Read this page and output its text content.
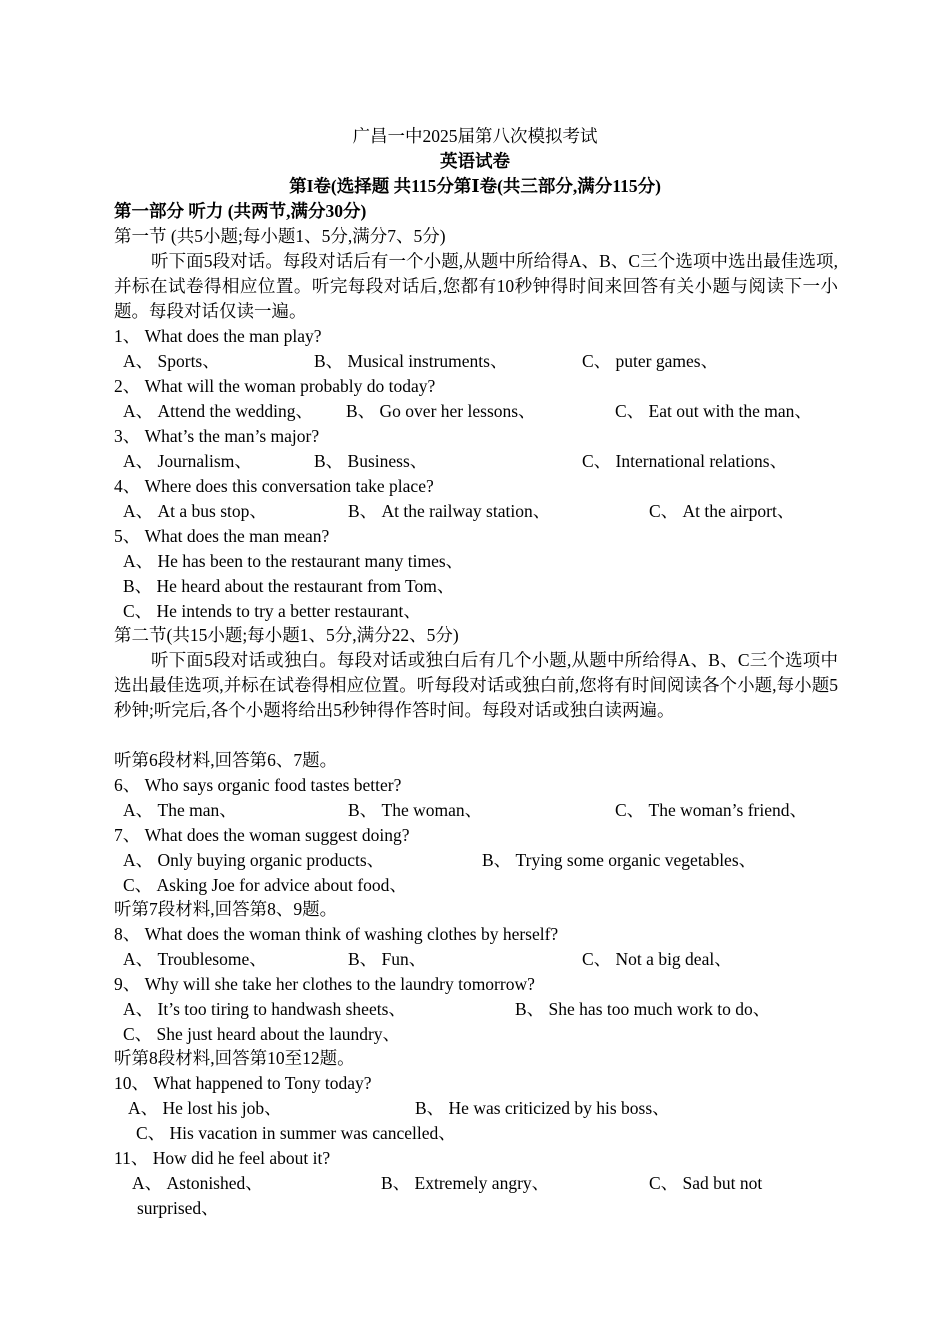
广昌一中2025届第八次模拟考试
英语试卷
第I卷(选择题 共115分第Ⅰ卷(共三部分,满分115分)
第一部分 听力 (共两节,满分30分)
第一节 (共5小题;每小题1、5分,满分7、5分)
听下面5段对话。每段对话后有一个小题,从题中所给得A、B、C三个选项中选出最佳选项,并标在试卷得相应位置。听完每段对话后,您都有10秒钟得时间来回答有关小题与阅读下一小题。每段对话仅读一遍。
1、 What does the man play?
A、 Sports、	B、 Musical instruments、	C、 puter games、
2、 What will the woman probably do today?
A、 Attend the wedding、 B、 Go over her lessons、	C、 Eat out with the man、
3、 What’s the man’s major?
A、 Journalism、	B、 Business、	C、 International relations、
4、 Where does this conversation take place?
A、 At a bus stop、	B、 At the railway station、	C、 At the airport、
5、 What does the man mean?
A、 He has been to the restaurant many times、
B、 He heard about the restaurant from Tom、
C、 He intends to try a better restaurant、
第二节(共15小题;每小题1、5分,满分22、5分)
听下面5段对话或独白。每段对话或独白后有几个小题,从题中所给得A、B、C三个选项中选出最佳选项,并标在试卷得相应位置。听每段对话或独白前,您将有时间阅读各个小题,每小题5秒钟;听完后,各个小题将给出5秒钟得作答时间。每段对话或独白读两遍。
听第6段材料,回答第6、7题。
6、 Who says organic food tastes better?
A、 The man、	B、 The woman、	C、 The woman’s friend、
7、 What does the woman suggest doing?
A、 Only buying organic products、	B、 Trying some organic vegetables、
C、 Asking Joe for advice about food、
听第7段材料,回答第8、9题。
8、 What does the woman think of washing clothes by herself?
A、 Troublesome、	B、 Fun、	C、 Not a big deal、
9、 Why will she take her clothes to the laundry tomorrow?
A、 It’s too tiring to handwash sheets、	B、 She has too much work to do、
C、 She just heard about the laundry、
听第8段材料,回答第10至12题。
10、 What happened to Tony today?
A、 He lost his job、	B、 He was criticized by his boss、
C、 His vacation in summer was cancelled、
11、 How did he feel about it?
A、 Astonished、	B、 Extremely angry、	C、 Sad but not
surprised、
